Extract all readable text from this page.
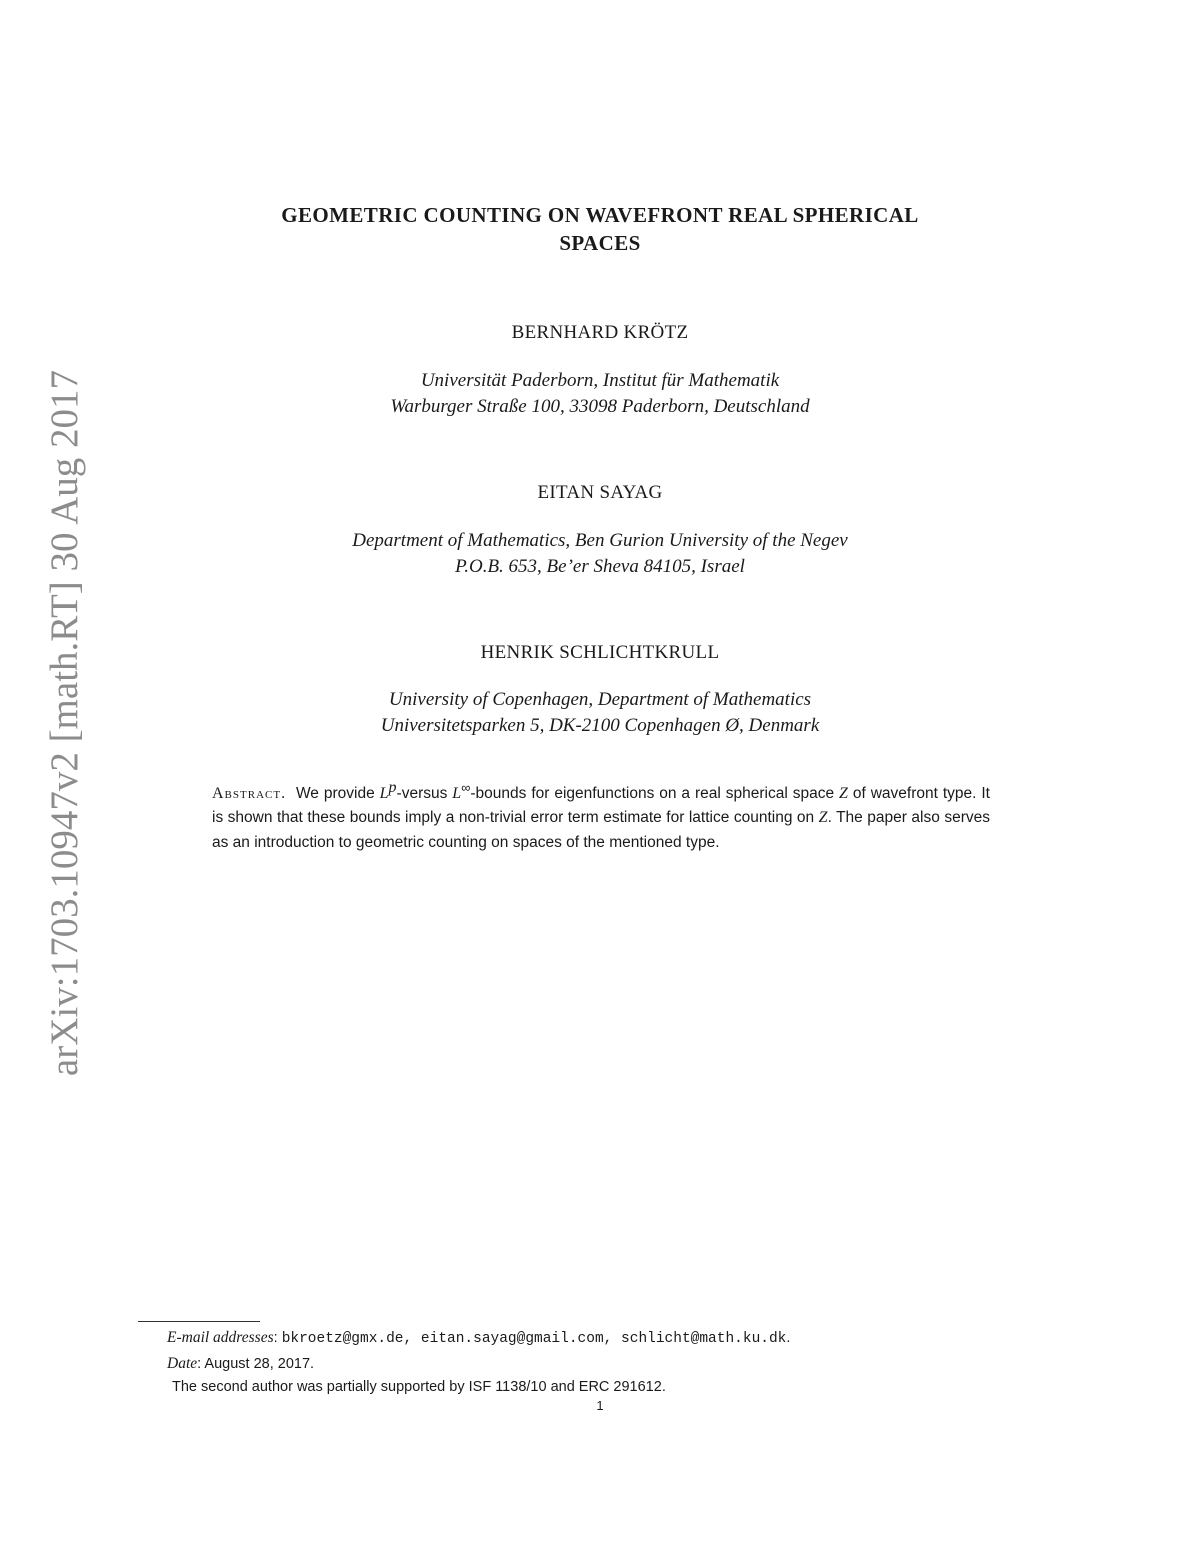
arXiv:1703.10947v2 [math.RT] 30 Aug 2017
GEOMETRIC COUNTING ON WAVEFRONT REAL SPHERICAL
SPACES
BERNHARD KRÖTZ
Universität Paderborn, Institut für Mathematik
Warburger Straße 100, 33098 Paderborn, Deutschland
EITAN SAYAG
Department of Mathematics, Ben Gurion University of the Negev
P.O.B. 653, Be’er Sheva 84105, Israel
HENRIK SCHLICHTKRULL
University of Copenhagen, Department of Mathematics
Universitetsparken 5, DK-2100 Copenhagen Ø, Denmark
Abstract. We provide $L^p$-versus L∞-bounds for eigenfunctions on a real spherical space Z of wavefront type. It is shown that these bounds imply a non-trivial error term estimate for lattice counting on Z. The paper also serves as an introduction to geometric counting on spaces of the mentioned type.
E-mail addresses: bkroetz@gmx.de, eitan.sayag@gmail.com, schlicht@math.ku.dk.
Date: August 28, 2017.
The second author was partially supported by ISF 1138/10 and ERC 291612.
1
